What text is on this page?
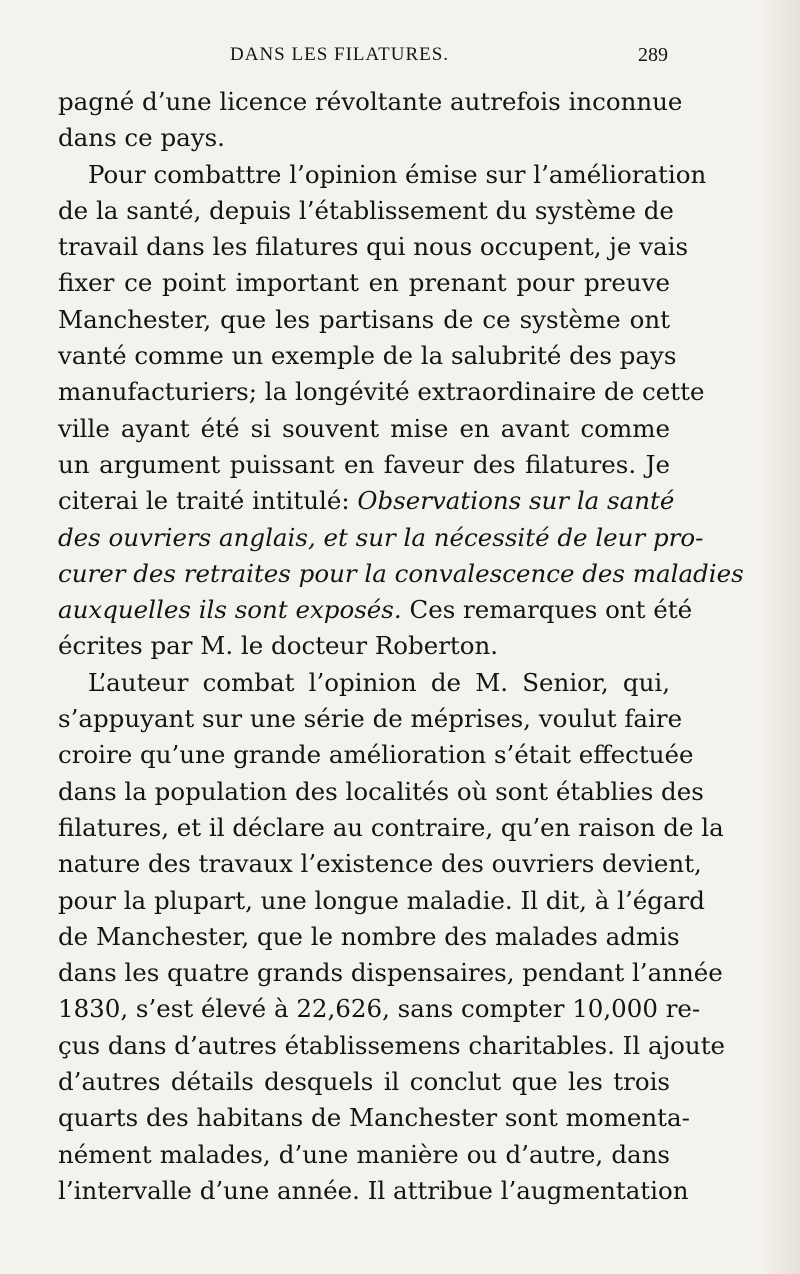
DANS LES FILATURES.	289
pagné d’une licence révoltante autrefois inconnue
dans ce pays.
Pour combattre l’opinion émise sur l’amélioration
de la santé, depuis l’établissement du système de
travail dans les filatures qui nous occupent, je vais
fixer ce point important en prenant pour preuve
Manchester, que les partisans de ce système ont
vanté comme un exemple de la salubrité des pays
manufacturiers; la longévité extraordinaire de cette
ville ayant été si souvent mise en avant comme
un argument puissant en faveur des filatures. Je
citerai le traité intitulé: Observations sur la santé
des ouvriers anglais, et sur la nécessité de leur pro-
curer des retraites pour la convalescence des maladies
auxquelles ils sont exposés. Ces remarques ont été
écrites par M. le docteur Roberton.
L’auteur combat l’opinion de M. Senior, qui,
s’appuyant sur une série de méprises, voulut faire
croire qu’une grande amélioration s’était effectuée
dans la population des localités où sont établies des
filatures, et il déclare au contraire, qu’en raison de la
nature des travaux l’existence des ouvriers devient,
pour la plupart, une longue maladie. Il dit, à l’égard
de Manchester, que le nombre des malades admis
dans les quatre grands dispensaires, pendant l’année
1830, s’est élevé à 22,626, sans compter 10,000 re-
çus dans d’autres établissemens charitables. Il ajoute
d’autres détails desquels il conclut que les trois
quarts des habitans de Manchester sont momenta-
nément malades, d’une manière ou d’autre, dans
l’intervalle d’une année. Il attribue l’augmentation
